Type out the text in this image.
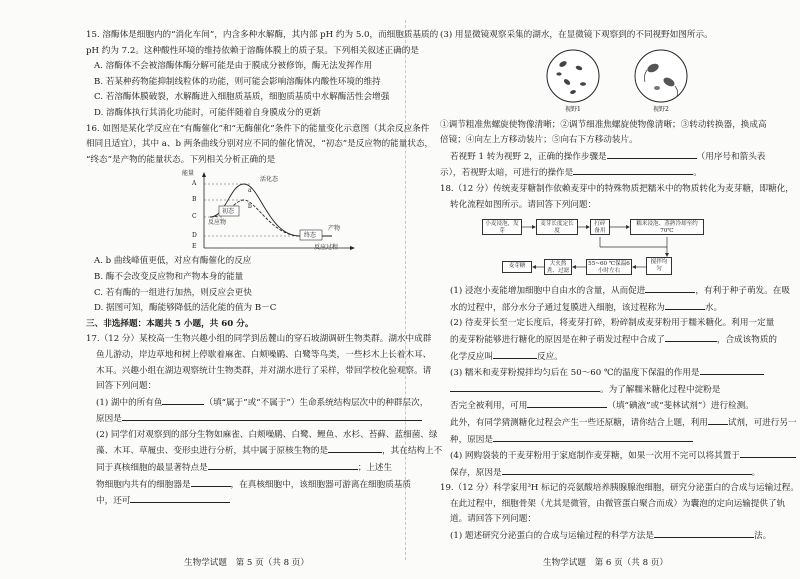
15. 溶酶体是细胞内的“消化车间”，内含多种水解酶，其内部 pH 约为 5.0，而细胞质基质的

pH 约为 7.2。这种酸性环境的维持依赖于溶酶体膜上的质子泵。下列相关叙述正确的是

A. 溶酶体不会被溶酶体酶分解可能是由于膜成分被修饰，酶无法发挥作用

B. 若某种药物能抑制线粒体的功能，则可能会影响溶酶体内酸性环境的维持

C. 若溶酶体膜破裂，水解酶进入细胞质基质，细胞质基质中水解酶活性会增强

D. 溶酶体执行其消化功能时，可能伴随着自身膜成分的更新

16. 如图是某化学反应在“有酶催化”和“无酶催化”条件下的能量变化示意图（其余反应条件

相同且适宜），其中 a、b 两条曲线分别对应不同的催化情况，“初态”是反应物的能量状态，

“终态”是产物的能量状态。下列相关分析正确的是

能量
A
B
C
D
E
活化态
a
b
初态
反应物
终态
产物
反应过程

A. b 曲线峰值更低，对应有酶催化的反应

B. 酶不会改变反应物和产物本身的能量

C. 若有酶的一组进行加热，则反应会更快

D. 据图可知，酶能够降低的活化能的值为 B－C

三、非选择题：本题共 5 小题，共 60 分。

17.（12 分）某校高一生物兴趣小组的同学到岳麓山的穿石坡湖调研生物类群。湖水中成群

鱼儿游动，岸边草地和树上停歇着麻雀、白颊噪鹛、白鹭等鸟类，一些杉木上长着木耳、

木耳。兴趣小组在湖边观察统计生物类群，并对湖水进行了采样，带回学校化验观察。请

回答下列问题：

(1) 湖中的所有鱼	（填“属于”或“不属于”）生命系统结构层次中的种群层次，

原因是

(2) 同学们对观察到的部分生物如麻雀、白颊噪鹛、白鹭、鲤鱼、水杉、苔藓、蓝细菌、绿

藻、木耳、草履虫、变形虫进行分析，其中属于原核生物的是	，其在结构上不

同于真核细胞的最显著特点是	；上述生

物细胞内共有的细胞器是	，在真核细胞中，该细胞器可游离在细胞质基质

中，还可

(3) 用显微镜观察采集的湖水，在显微镜下观察到的不同视野如图所示。

视野1	视野2

①调节粗准焦螺旋使物像清晰；②调节细准焦螺旋使物像清晰；③转动转换器，换成高

倍镜；④向左上方移动装片；⑤向右下方移动装片。

若视野 1 转为视野 2，正确的操作步骤是	（用序号和箭头表

示），若视野太暗，可进行的操作是	。

18.（12 分）传统麦芽糖制作依赖麦芽中的特殊物质把糯米中的物质转化为麦芽糖，即糖化，

转化流程如图所示。请回答下列问题：

小麦浸泡，发芽
麦芽长度定长度
打碎备用
糯米浸泡、蒸熟冷却至约70℃
麦芽糖	大火熬煮、过滤
55~60 ℃保温6小时左右
搅拌均匀

(1) 浸泡小麦能增加细胞中自由水的含量，从而促进	，有利于种子萌发。在吸

水的过程中，部分水分子通过复膜进入细胞，该过程称为	水。

(2) 待麦芽长至一定长度后，将麦芽打碎，粉碎制成麦芽粉用于糯米糖化。利用一定量

的麦芽粉能够进行糖化的原因是在种子萌发过程中合成了	，合成该物质的

化学反应叫	反应。

(3) 糯米和麦芽粉搅拌均匀后在 50～60 ℃的温度下保温的作用是

。为了解糯米糖化过程中淀粉是

否完全被利用，可用	（填“碘液”或“斐林试剂”）进行检测。

此外，有同学猜测糖化过程会产生一些还原糖，请你结合上题，利用 试剂，可进行另一

种，原因是

(4) 网购袋装的干麦芽粉用于家庭制作麦芽糖，如果一次用不完可以将其置于

保存，原因是	。

19.（12 分）科学家用³H 标记的亮氨酸培养胰腺腺泡细胞，研究分泌蛋白的合成与运输过程。

在此过程中，细胞骨架（尤其是微管，由微管蛋白聚合而成）为囊泡的定向运输提供了轨

道。请回答下列问题：

(1) 题述研究分泌蛋白的合成与运输过程的科学方法是	法。

生物学试题　第 5 页（共 8 页）	生物学试题　第 6 页（共 8 页）
